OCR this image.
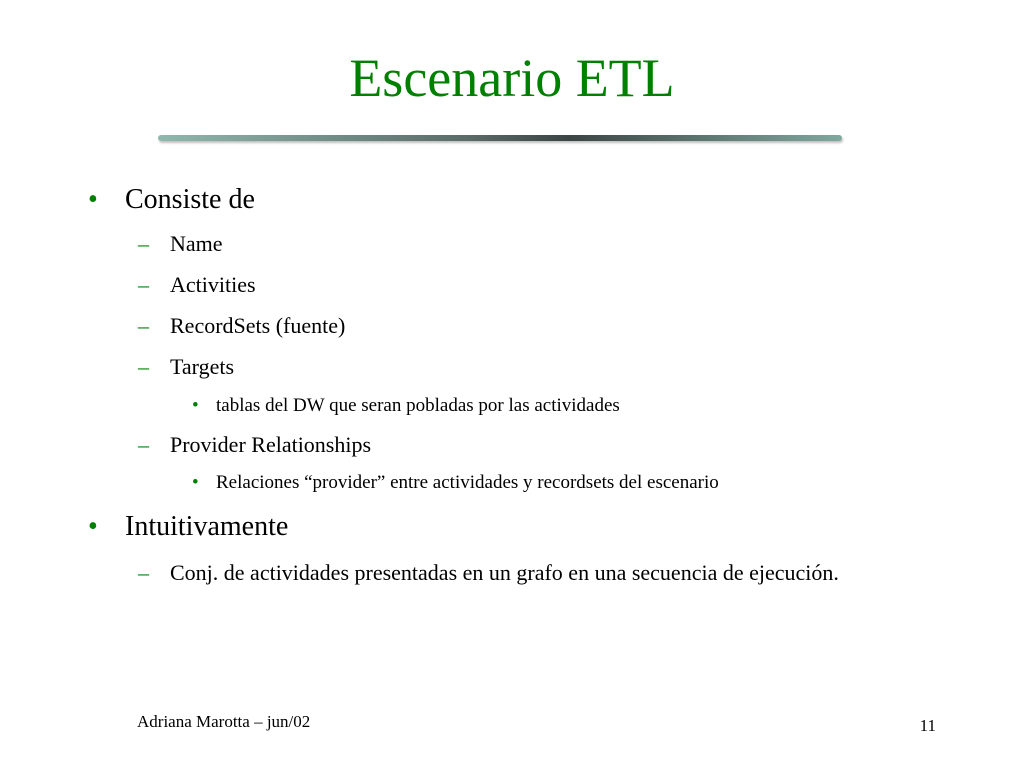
Escenario ETL
• Consiste de
– Name
– Activities
– RecordSets (fuente)
– Targets
• tablas del DW que seran pobladas por las actividades
– Provider Relationships
• Relaciones “provider” entre actividades y recordsets del escenario
• Intuitivamente
– Conj. de actividades presentadas en un grafo en una secuencia de ejecución.
Adriana Marotta – jun/02	11
